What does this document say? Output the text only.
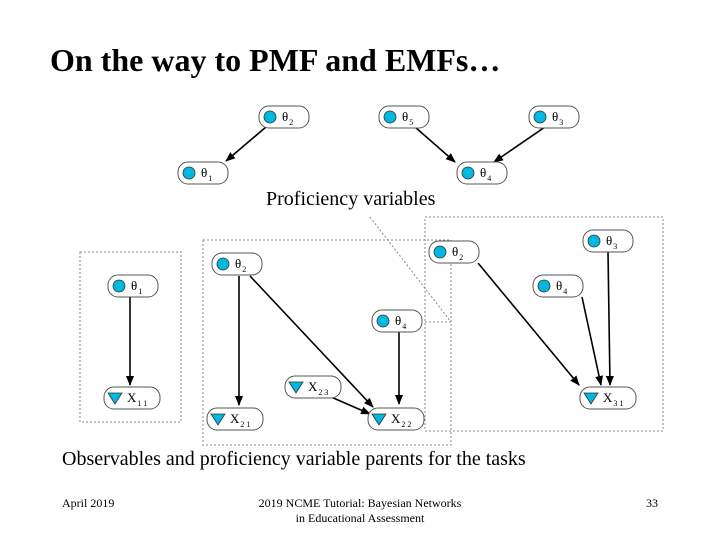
On the way to PMF and EMFs…
$\theta_2$	$\theta_5$	$\theta_3$
$\theta_1$	$\theta_4$
$\theta_1$
$X_{1 1}$
$\theta_2$
$\theta_4$
$X_{2 3}$
$X_{2 1}$	$X_{2 2}$
$\theta_2$
$\theta_3$
$\theta_4$
$X_{3 1}$
Proficiency variables
Observables and proficiency variable parents for the tasks
April 2019	2019 NCME Tutorial: Bayesian Networks
in Educational Assessment
33
